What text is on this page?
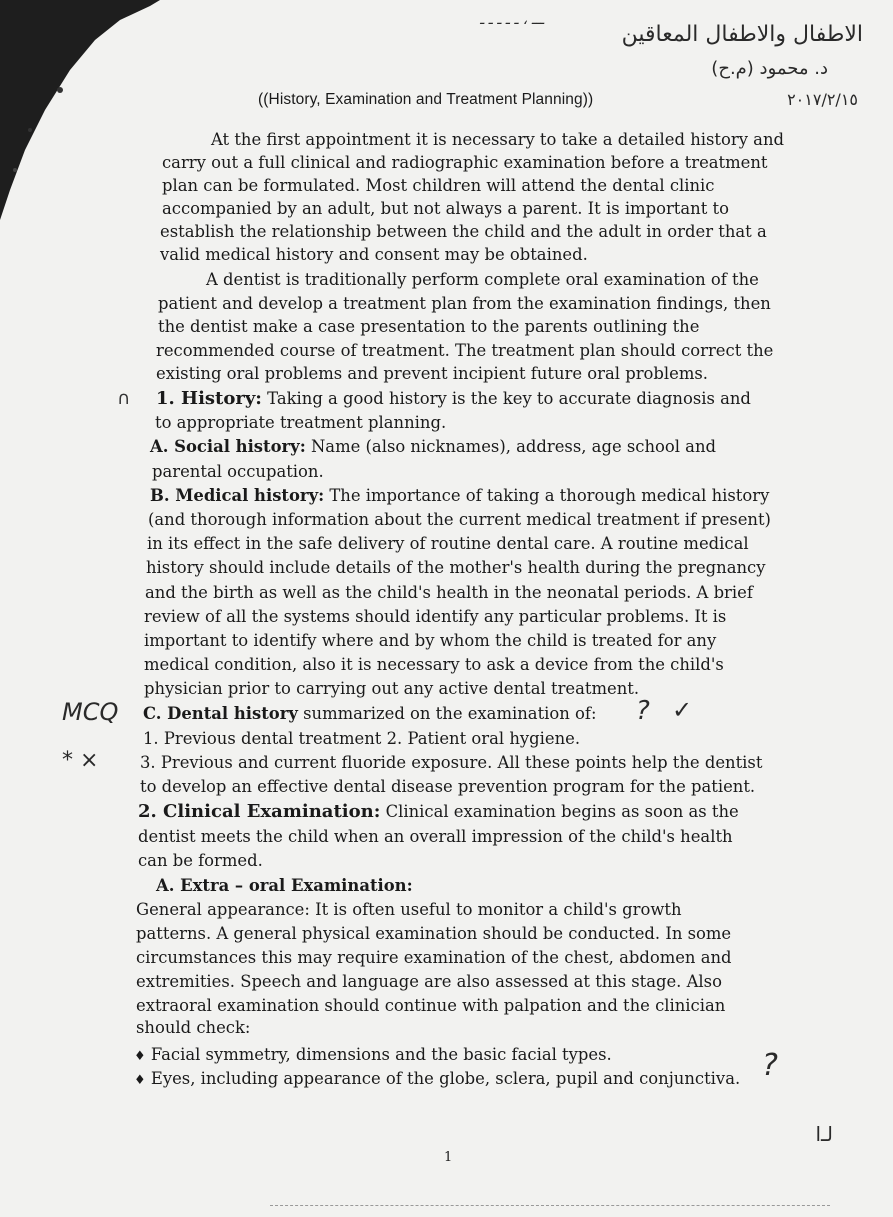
الاطفال والاطفال المعاقين
د. محمود (م.ح)
٢٠١٧/٢/١٥
ـــ ، ـ ـ ـ ـ ـ
((History, Examination and Treatment Planning))
At the first appointment it is necessary to take a detailed history and
carry out a full clinical and radiographic examination before a treatment
plan can be formulated. Most children will attend the dental clinic
accompanied by an adult, but not always a parent. It is important to
establish the relationship between the child and the adult in order that a
valid medical history and consent may be obtained.
A dentist is traditionally perform complete oral examination of the
patient and develop a treatment plan from the examination findings, then
the dentist make a case presentation to the parents outlining the
recommended course of treatment. The treatment plan should correct the
existing oral problems and prevent incipient future oral problems.
∩ 1. History: Taking a good history is the key to accurate diagnosis and
to appropriate treatment planning.
A. Social history: Name (also nicknames), address, age school and
parental occupation.
B. Medical history: The importance of taking a thorough medical history
(and thorough information about the current medical treatment if present)
in its effect in the safe delivery of routine dental care. A routine medical
history should include details of the mother's health during the pregnancy
and the birth as well as the child's health in the neonatal periods. A brief
review of all the systems should identify any particular problems. It is
important to identify where and by whom the child is treated for any
medical condition, also it is necessary to ask a device from the child's
physician prior to carrying out any active dental treatment.
MCQ
* ×
C. Dental history summarized on the examination of: ? ✓
1. Previous dental treatment 2. Patient oral hygiene.
3. Previous and current fluoride exposure. All these points help the dentist
to develop an effective dental disease prevention program for the patient.
2. Clinical Examination: Clinical examination begins as soon as the
dentist meets the child when an overall impression of the child's health
can be formed.
A. Extra – oral Examination:
General appearance: It is often useful to monitor a child's growth
patterns. A general physical examination should be conducted. In some
circumstances this may require examination of the chest, abdomen and
extremities. Speech and language are also assessed at this stage. Also
extraoral examination should continue with palpation and the clinician
should check:
♦ Facial symmetry, dimensions and the basic facial types.
♦ Eyes, including appearance of the globe, sclera, pupil and conjunctiva. ?
ﻟـﺍ
1
